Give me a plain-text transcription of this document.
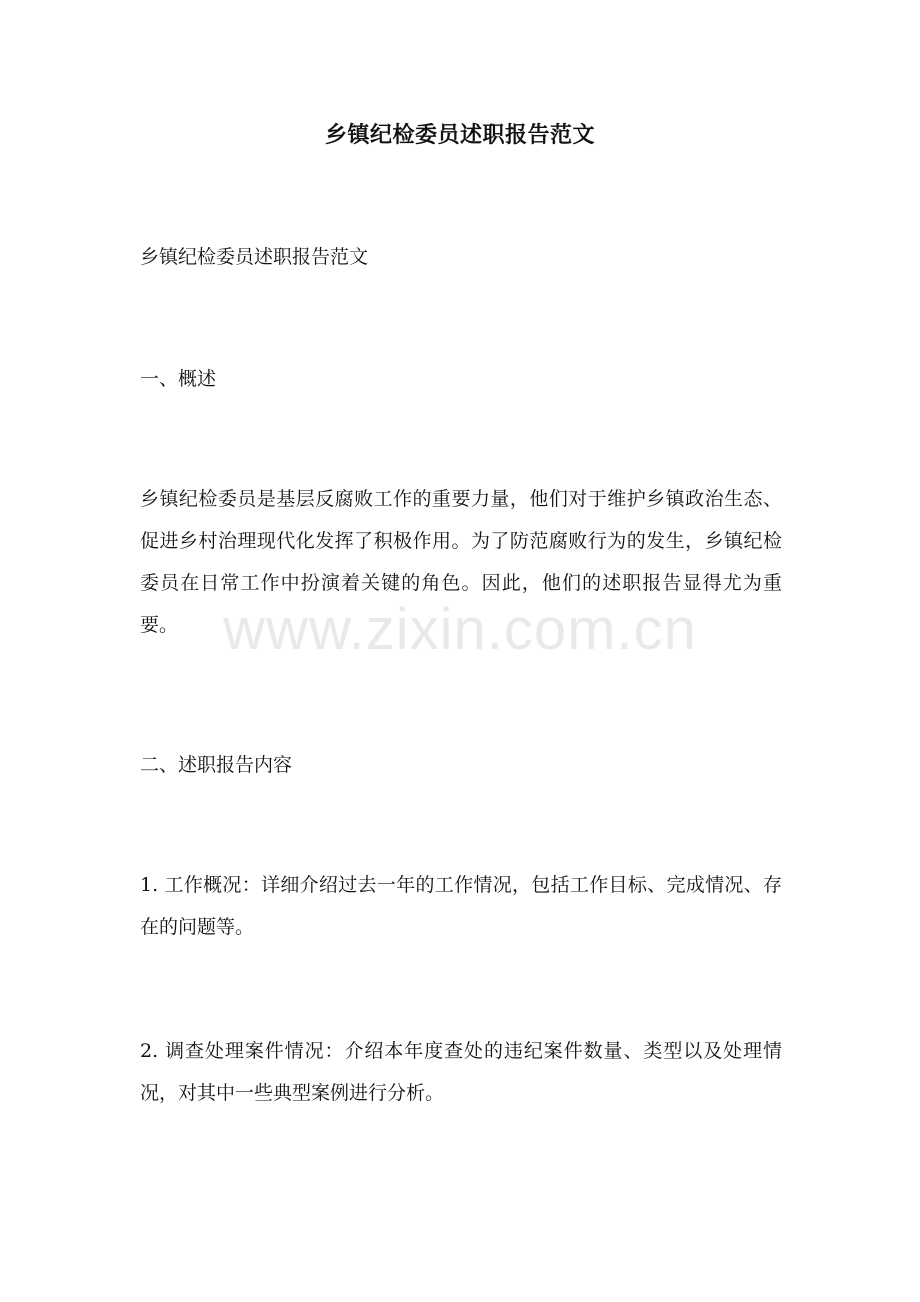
乡镇纪检委员述职报告范文
乡镇纪检委员述职报告范文
一、概述
乡镇纪检委员是基层反腐败工作的重要力量，他们对于维护乡镇政治生态、促进乡村治理现代化发挥了积极作用。为了防范腐败行为的发生，乡镇纪检委员在日常工作中扮演着关键的角色。因此，他们的述职报告显得尤为重要。
二、述职报告内容
1. 工作概况：详细介绍过去一年的工作情况，包括工作目标、完成情况、存在的问题等。
2. 调查处理案件情况：介绍本年度查处的违纪案件数量、类型以及处理情况，对其中一些典型案例进行分析。
www.zixin.com.cn
